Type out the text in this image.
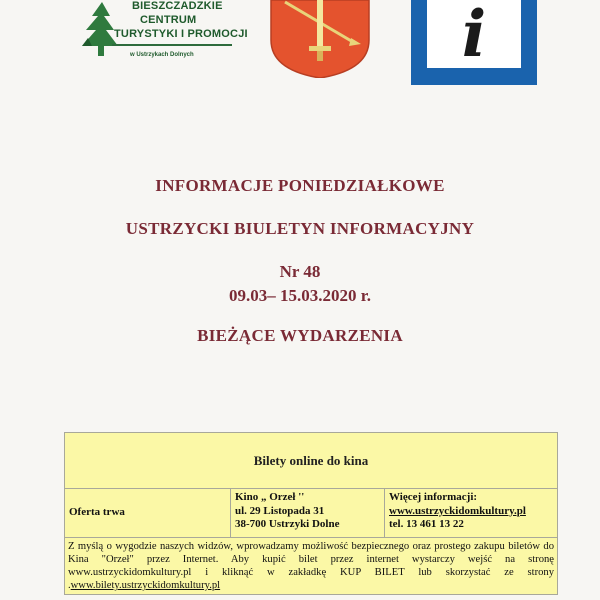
BIESZCZADZKIE
CENTRUM
TURYSTYKI I PROMOCJI
w Ustrzykach Dolnych	i
INFORMACJE PONIEDZIAŁKOWE
USTRZYCKI BIULETYN INFORMACYJNY
Nr 48
09.03– 15.03.2020 r.
BIEŻĄCE WYDARZENIA
Bilety online do kina
Oferta trwa
Kino „ Orzeł ''
ul. 29 Listopada 31
38-700 Ustrzyki Dolne
Więcej informacji:
www.ustrzyckidomkultury.pl
tel. 13 461 13 22
Z myślą o wygodzie naszych widzów, wprowadzamy możliwość bezpiecznego oraz prostego zakupu biletów do Kina "Orzeł" przez Internet. Aby kupić bilet przez internet wystarczy wejść na stronę www.ustrzyckidomkultury.pl i kliknąć w zakładkę KUP BILET lub skorzystać ze strony .www.bilety.ustrzyckidomkultury.pl
